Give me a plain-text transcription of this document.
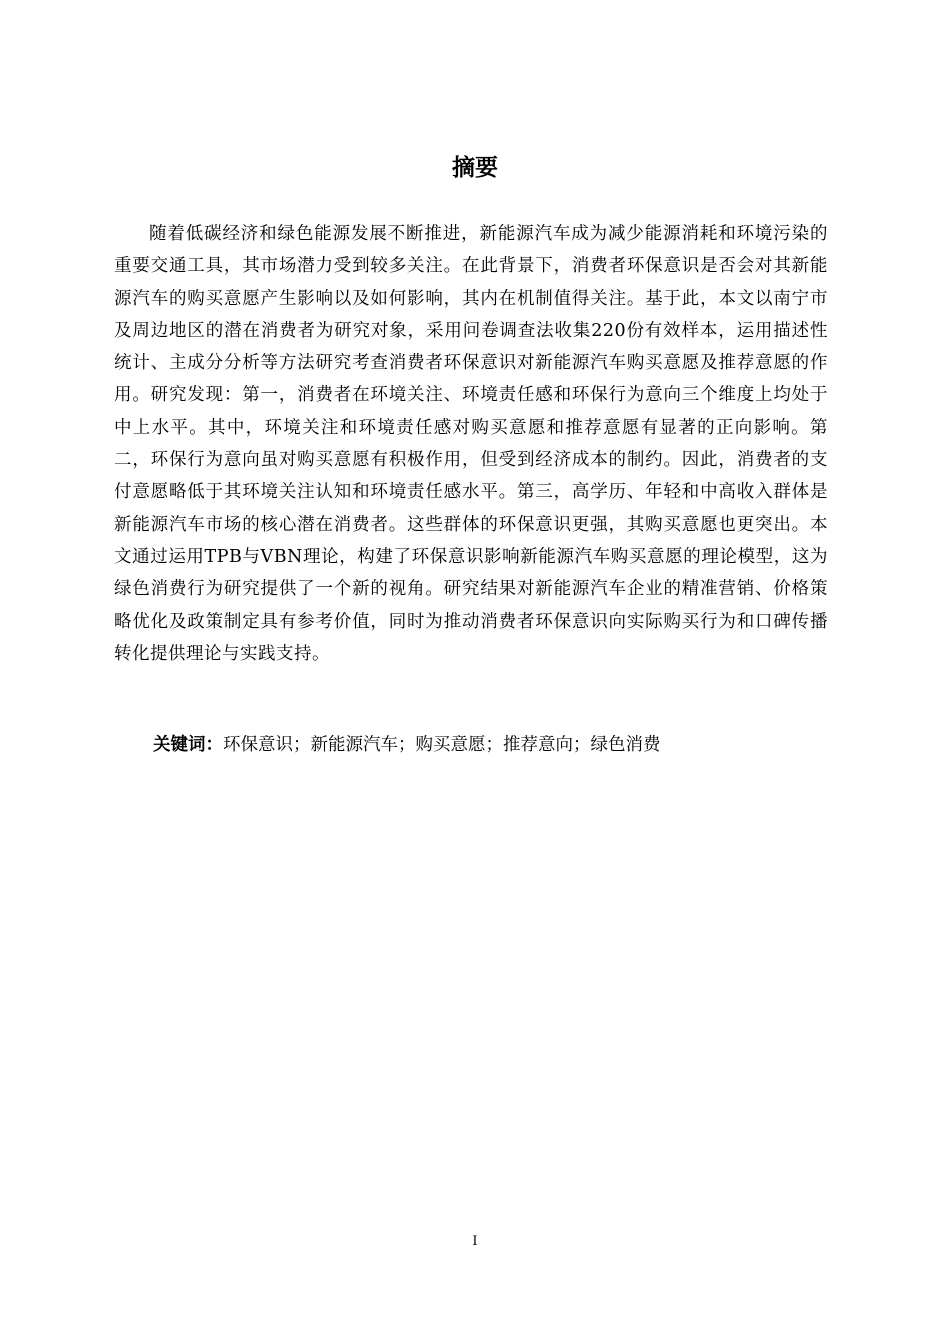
摘要

随着低碳经济和绿色能源发展不断推进，新能源汽车成为减少能源消耗和环境污染的重要交通工具，其市场潜力受到较多关注。在此背景下，消费者环保意识是否会对其新能源汽车的购买意愿产生影响以及如何影响，其内在机制值得关注。基于此，本文以南宁市及周边地区的潜在消费者为研究对象，采用问卷调查法收集220份有效样本，运用描述性统计、主成分分析等方法研究考查消费者环保意识对新能源汽车购买意愿及推荐意愿的作用。研究发现：第一，消费者在环境关注、环境责任感和环保行为意向三个维度上均处于中上水平。其中，环境关注和环境责任感对购买意愿和推荐意愿有显著的正向影响。第二，环保行为意向虽对购买意愿有积极作用，但受到经济成本的制约。因此，消费者的支付意愿略低于其环境关注认知和环境责任感水平。第三，高学历、年轻和中高收入群体是新能源汽车市场的核心潜在消费者。这些群体的环保意识更强，其购买意愿也更突出。本文通过运用TPB与VBN理论，构建了环保意识影响新能源汽车购买意愿的理论模型，这为绿色消费行为研究提供了一个新的视角。研究结果对新能源汽车企业的精准营销、价格策略优化及政策制定具有参考价值，同时为推动消费者环保意识向实际购买行为和口碑传播转化提供理论与实践支持。

关键词：环保意识；新能源汽车；购买意愿；推荐意向；绿色消费

I
